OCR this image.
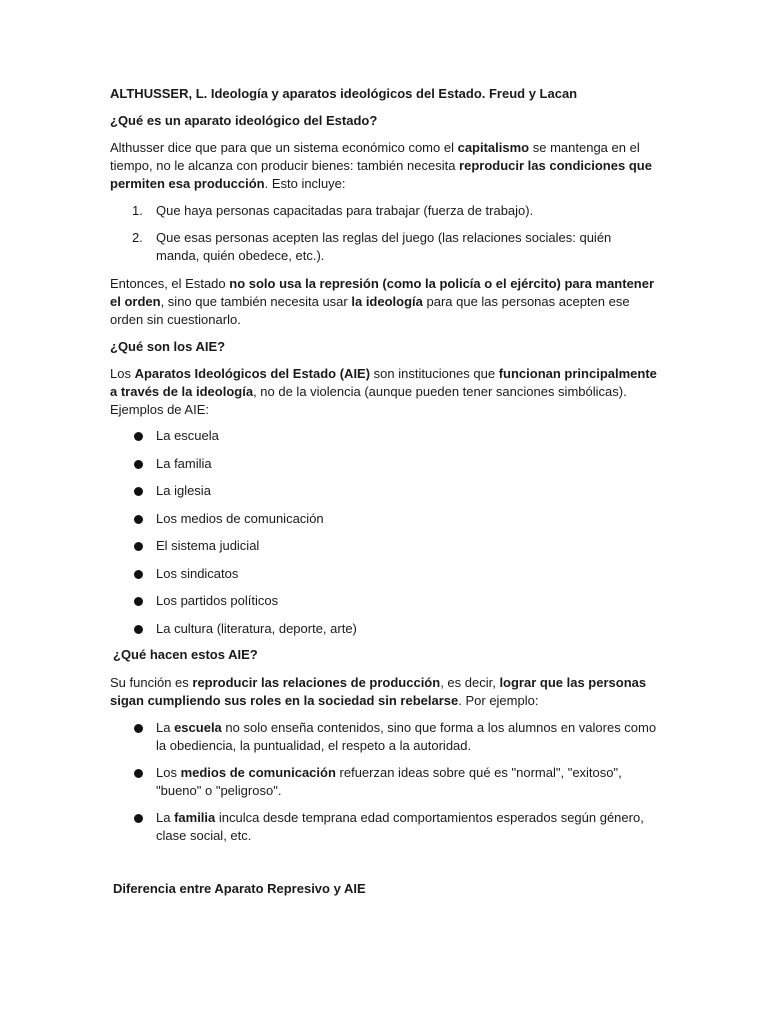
ALTHUSSER, L. Ideología y aparatos ideológicos del Estado. Freud y Lacan

¿Qué es un aparato ideológico del Estado?

Althusser dice que para que un sistema económico como el capitalismo se mantenga en el tiempo, no le alcanza con producir bienes: también necesita reproducir las condiciones que permiten esa producción. Esto incluye:

1. Que haya personas capacitadas para trabajar (fuerza de trabajo).
2. Que esas personas acepten las reglas del juego (las relaciones sociales: quién manda, quién obedece, etc.).

Entonces, el Estado no solo usa la represión (como la policía o el ejército) para mantener el orden, sino que también necesita usar la ideología para que las personas acepten ese orden sin cuestionarlo.

¿Qué son los AIE?

Los Aparatos Ideológicos del Estado (AIE) son instituciones que funcionan principalmente a través de la ideología, no de la violencia (aunque pueden tener sanciones simbólicas). Ejemplos de AIE:

La escuela
La familia
La iglesia
Los medios de comunicación
El sistema judicial
Los sindicatos
Los partidos políticos
La cultura (literatura, deporte, arte)

¿Qué hacen estos AIE?

Su función es reproducir las relaciones de producción, es decir, lograr que las personas sigan cumpliendo sus roles en la sociedad sin rebelarse. Por ejemplo:

La escuela no solo enseña contenidos, sino que forma a los alumnos en valores como la obediencia, la puntualidad, el respeto a la autoridad.
Los medios de comunicación refuerzan ideas sobre qué es "normal", "exitoso", "bueno" o "peligroso".
La familia inculca desde temprana edad comportamientos esperados según género, clase social, etc.

Diferencia entre Aparato Represivo y AIE
